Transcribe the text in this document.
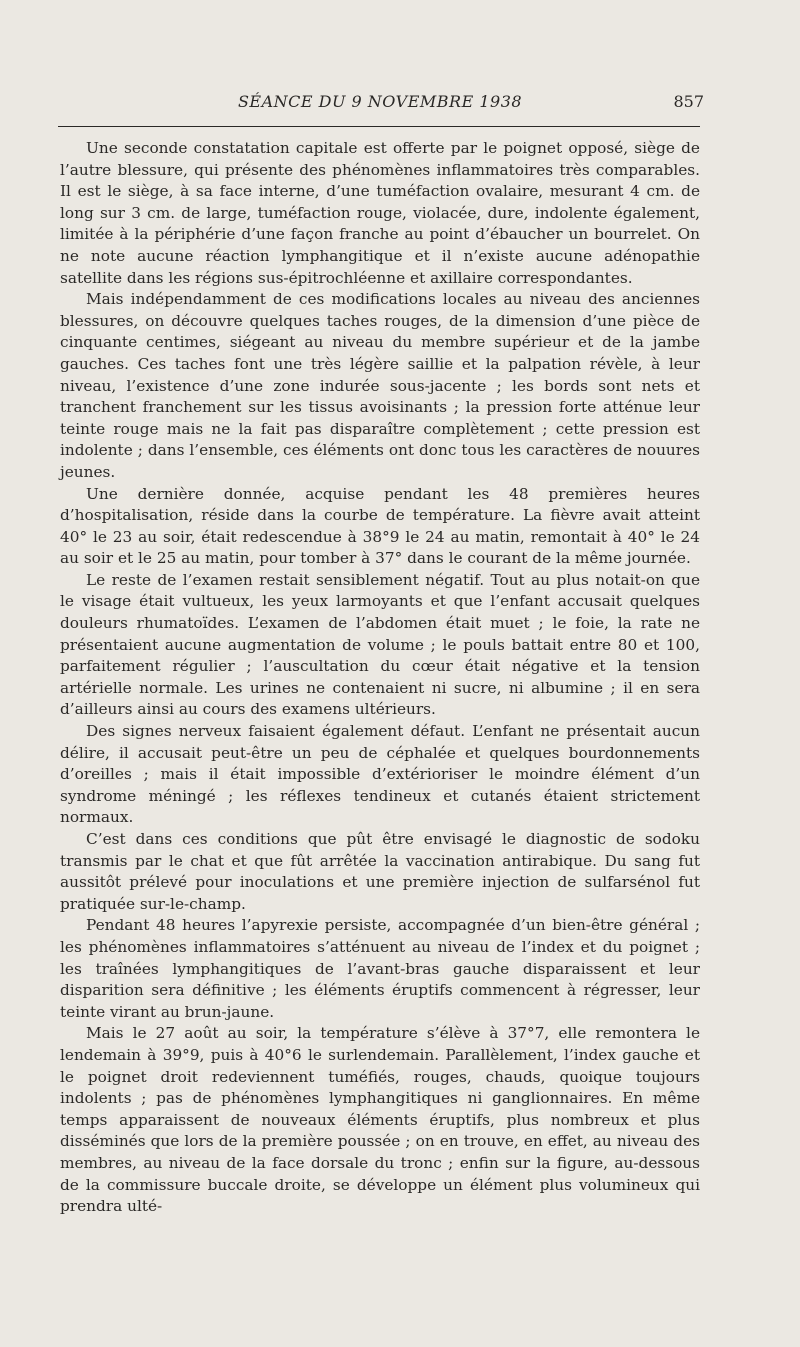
SÉANCE DU 9 NOVEMBRE 1938	857

Une seconde constatation capitale est offerte par le poignet opposé, siège de l’autre blessure, qui présente des phénomènes inflammatoires très comparables. Il est le siège, à sa face interne, d’une tuméfaction ovalaire, mesurant 4 cm. de long sur 3 cm. de large, tuméfaction rouge, violacée, dure, indolente également, limitée à la périphérie d’une façon franche au point d’ébaucher un bourrelet. On ne note aucune réaction lymphangitique et il n’existe aucune adénopathie satellite dans les régions sus-épitrochléenne et axillaire correspondantes.

Mais indépendamment de ces modifications locales au niveau des anciennes blessures, on découvre quelques taches rouges, de la dimension d’une pièce de cinquante centimes, siégeant au niveau du membre supérieur et de la jambe gauches. Ces taches font une très légère saillie et la palpation révèle, à leur niveau, l’existence d’une zone indurée sous-jacente ; les bords sont nets et tranchent franchement sur les tissus avoisinants ; la pression forte atténue leur teinte rouge mais ne la fait pas disparaître complètement ; cette pression est indolente ; dans l’ensemble, ces éléments ont donc tous les caractères de nouures jeunes.

Une dernière donnée, acquise pendant les 48 premières heures d’hospitalisation, réside dans la courbe de température. La fièvre avait atteint 40° le 23 au soir, était redescendue à 38°9 le 24 au matin, remontait à 40° le 24 au soir et le 25 au matin, pour tomber à 37° dans le courant de la même journée.

Le reste de l’examen restait sensiblement négatif. Tout au plus notait-on que le visage était vultueux, les yeux larmoyants et que l’enfant accusait quelques douleurs rhumatoïdes. L’examen de l’abdomen était muet ; le foie, la rate ne présentaient aucune augmentation de volume ; le pouls battait entre 80 et 100, parfaitement régulier ; l’auscultation du cœur était négative et la tension artérielle normale. Les urines ne contenaient ni sucre, ni albumine ; il en sera d’ailleurs ainsi au cours des examens ultérieurs.

Des signes nerveux faisaient également défaut. L’enfant ne présentait aucun délire, il accusait peut-être un peu de céphalée et quelques bourdonnements d’oreilles ; mais il était impossible d’extérioriser le moindre élément d’un syndrome méningé ; les réflexes tendineux et cutanés étaient strictement normaux.

C’est dans ces conditions que pût être envisagé le diagnostic de sodoku transmis par le chat et que fût arrêtée la vaccination antirabique. Du sang fut aussitôt prélevé pour inoculations et une première injection de sulfarsénol fut pratiquée sur-le-champ.

Pendant 48 heures l’apyrexie persiste, accompagnée d’un bien-être général ; les phénomènes inflammatoires s’atténuent au niveau de l’index et du poignet ; les traînées lymphangitiques de l’avant-bras gauche disparaissent et leur disparition sera définitive ; les éléments éruptifs commencent à régresser, leur teinte virant au brun-jaune.

Mais le 27 août au soir, la température s’élève à 37°7, elle remontera le lendemain à 39°9, puis à 40°6 le surlendemain. Parallèlement, l’index gauche et le poignet droit redeviennent tuméfiés, rouges, chauds, quoique toujours indolents ; pas de phénomènes lymphangitiques ni ganglionnaires. En même temps apparaissent de nouveaux éléments éruptifs, plus nombreux et plus disséminés que lors de la première poussée ; on en trouve, en effet, au niveau des membres, au niveau de la face dorsale du tronc ; enfin sur la figure, au-dessous de la commissure buccale droite, se développe un élément plus volumineux qui prendra ulté-
